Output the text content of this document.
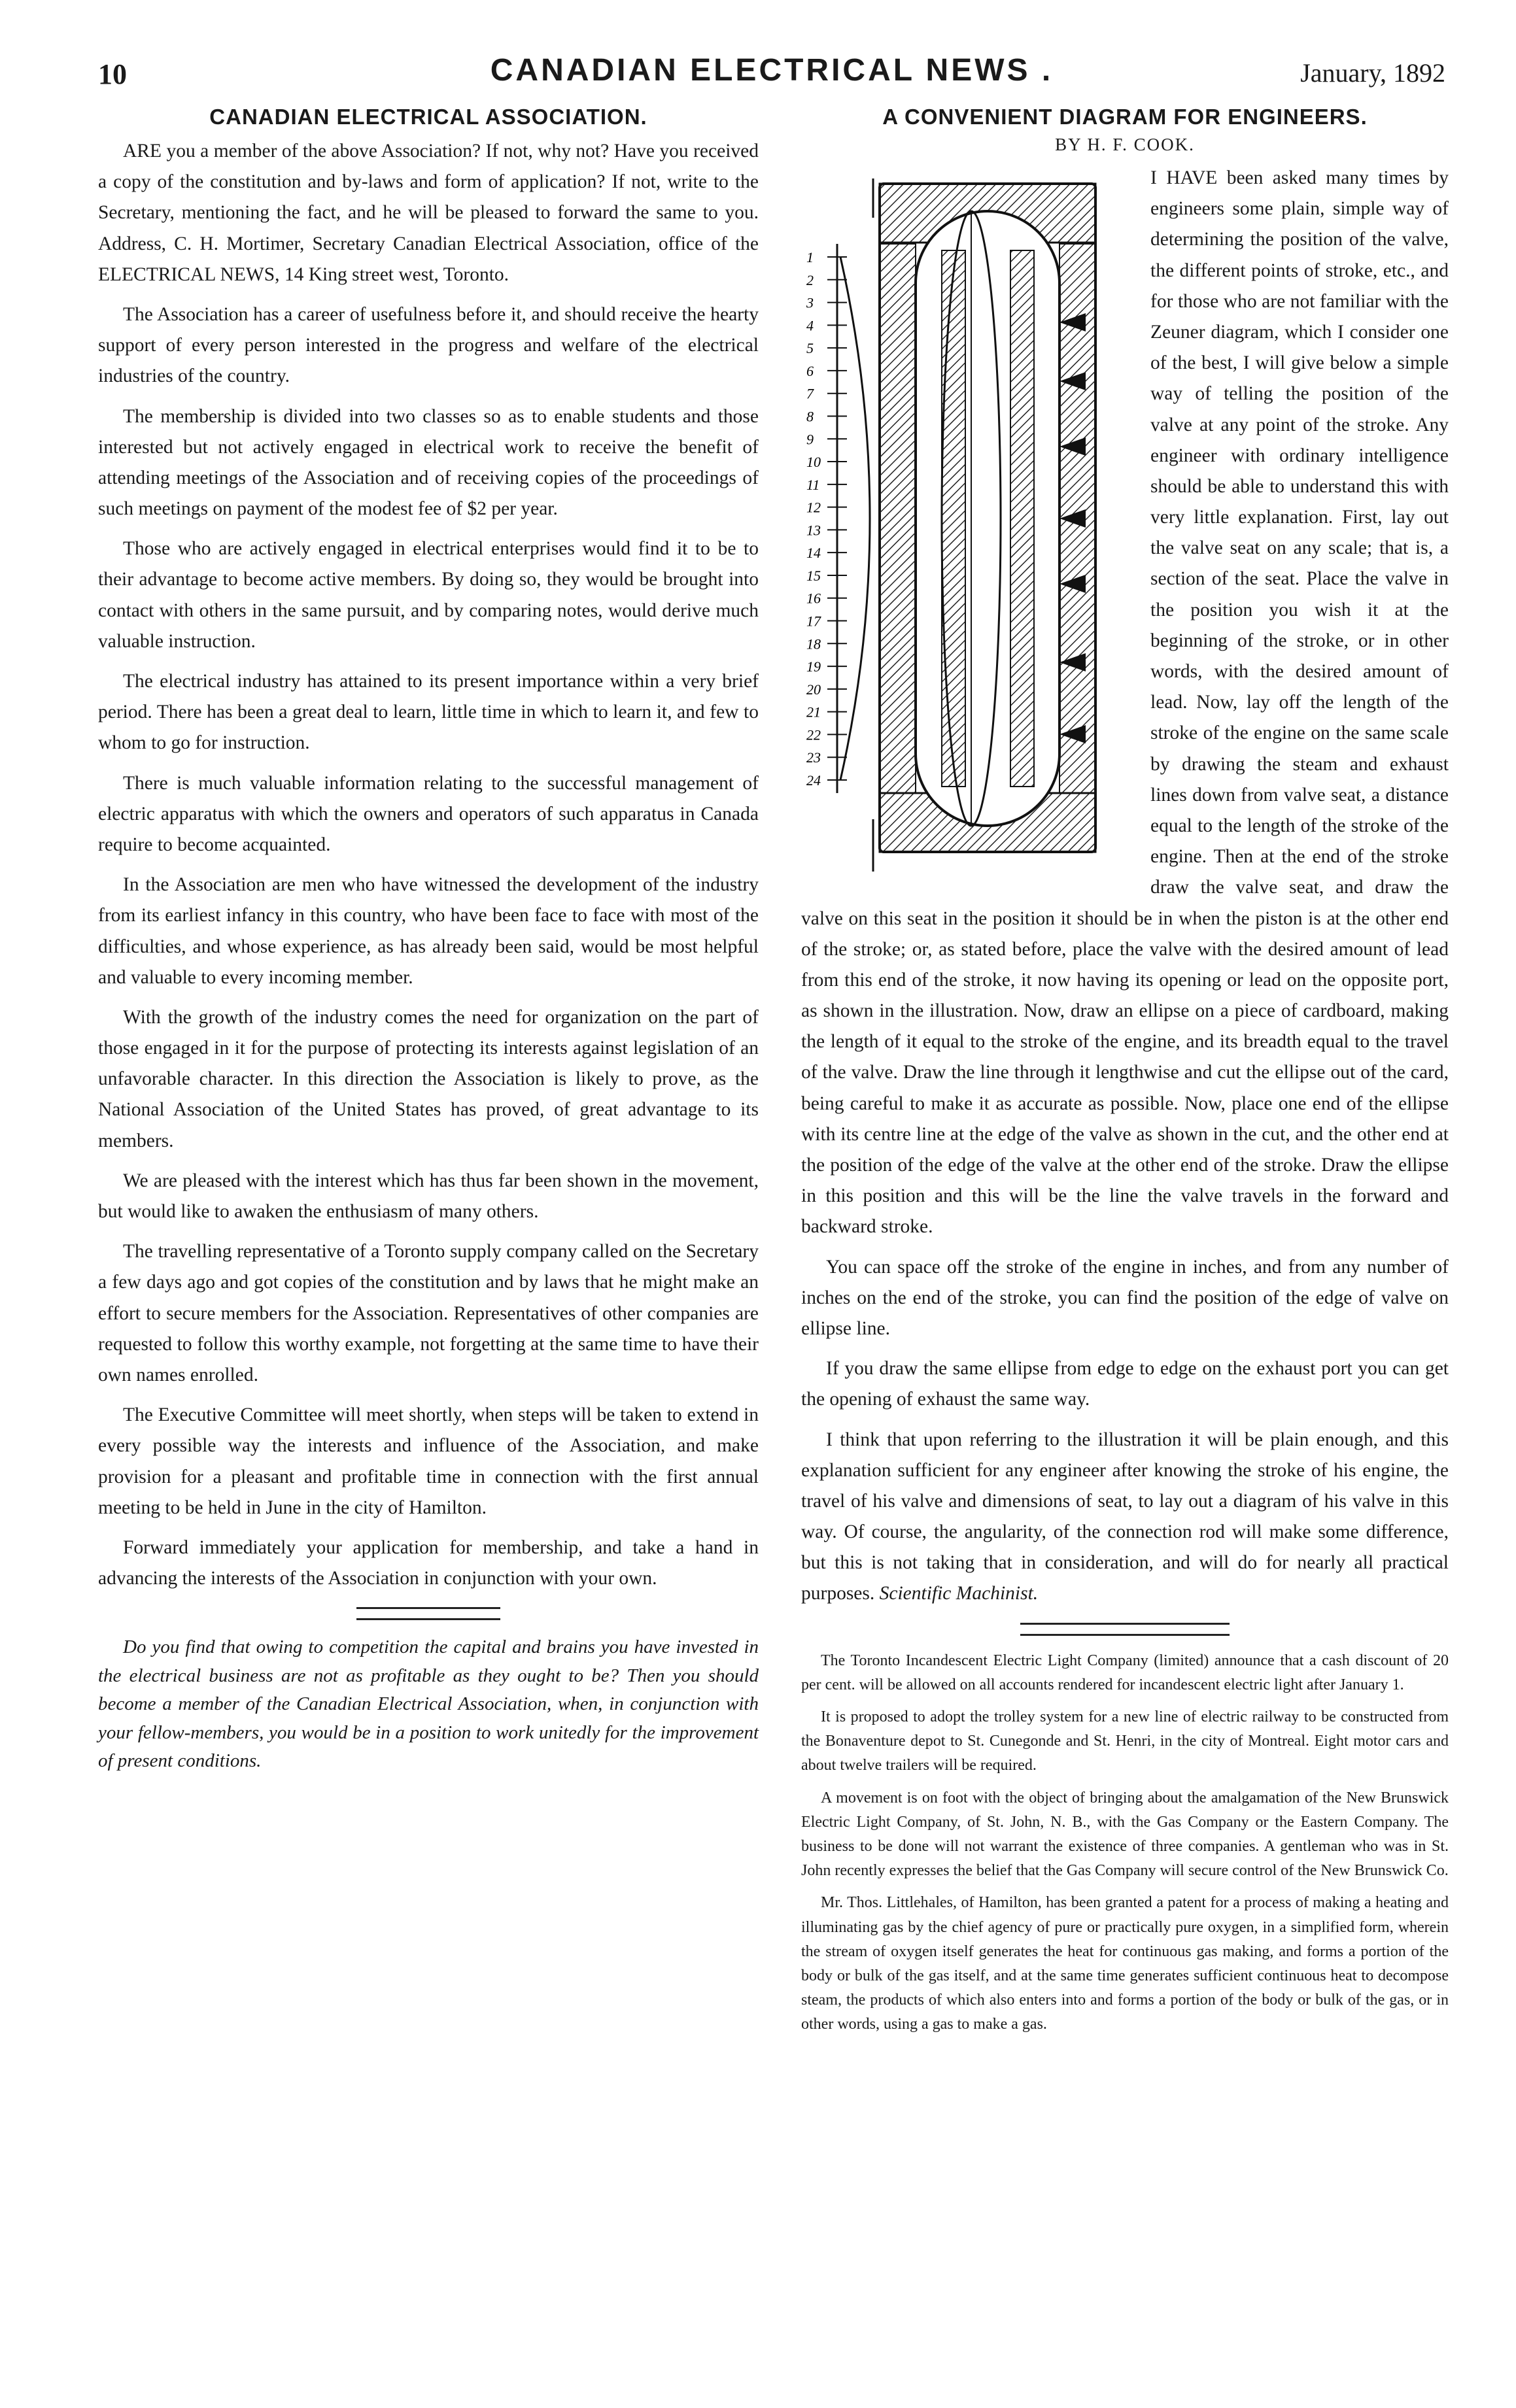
10	CANADIAN ELECTRICAL NEWS .	January, 1892
CANADIAN ELECTRICAL ASSOCIATION.

ARE you a member of the above Association? If not, why not? Have you received a copy of the constitution and by-laws and form of application? If not, write to the Secretary, mentioning the fact, and he will be pleased to forward the same to you. Address, C. H. Mortimer, Secretary Canadian Electrical Association, office of the ELECTRICAL NEWS, 14 King street west, Toronto.

The Association has a career of usefulness before it, and should receive the hearty support of every person interested in the progress and welfare of the electrical industries of the country.

The membership is divided into two classes so as to enable students and those interested but not actively engaged in electrical work to receive the benefit of attending meetings of the Association and of receiving copies of the proceedings of such meetings on payment of the modest fee of $2 per year.

Those who are actively engaged in electrical enterprises would find it to be to their advantage to become active members. By doing so, they would be brought into contact with others in the same pursuit, and by comparing notes, would derive much valuable instruction.

The electrical industry has attained to its present importance within a very brief period. There has been a great deal to learn, little time in which to learn it, and few to whom to go for instruction.

There is much valuable information relating to the successful management of electric apparatus with which the owners and operators of such apparatus in Canada require to become acquainted.

In the Association are men who have witnessed the development of the industry from its earliest infancy in this country, who have been face to face with most of the difficulties, and whose experience, as has already been said, would be most helpful and valuable to every incoming member.

With the growth of the industry comes the need for organization on the part of those engaged in it for the purpose of protecting its interests against legislation of an unfavorable character. In this direction the Association is likely to prove, as the National Association of the United States has proved, of great advantage to its members.

We are pleased with the interest which has thus far been shown in the movement, but would like to awaken the enthusiasm of many others.

The travelling representative of a Toronto supply company called on the Secretary a few days ago and got copies of the constitution and by laws that he might make an effort to secure members for the Association. Representatives of other companies are requested to follow this worthy example, not forgetting at the same time to have their own names enrolled.

The Executive Committee will meet shortly, when steps will be taken to extend in every possible way the interests and influence of the Association, and make provision for a pleasant and profitable time in connection with the first annual meeting to be held in June in the city of Hamilton.

Forward immediately your application for membership, and take a hand in advancing the interests of the Association in conjunction with your own.

Do you find that owing to competition the capital and brains you have invested in the electrical business are not as profitable as they ought to be? Then you should become a member of the Canadian Electrical Association, when, in conjunction with your fellow-members, you would be in a position to work unitedly for the improvement of present conditions.

A CONVENIENT DIAGRAM FOR ENGINEERS.
BY H. F. COOK.

1
2
3
4
5
6
7
8
9
10
11
12
13
14
15
16
17
18
19
20
21
22
23
24
I HAVE been asked many times by engineers some plain, simple way of determining the position of the valve, the different points of stroke, etc., and for those who are not familiar with the Zeuner diagram, which I consider one of the best, I will give below a simple way of telling the position of the valve at any point of the stroke. Any engineer with ordinary intelligence should be able to understand this with very little explanation. First, lay out the valve seat on any scale; that is, a section of the seat. Place the valve in the position you wish it at the beginning of the stroke, or in other words, with the desired amount of lead. Now, lay off the length of the stroke of the engine on the same scale by drawing the steam and exhaust lines down from valve seat, a distance equal to the length of the stroke of the engine. Then at the end of the stroke draw the valve seat, and draw the valve on this seat in the position it should be in when the piston is at the other end of the stroke; or, as stated before, place the valve with the desired amount of lead from this end of the stroke, it now having its opening or lead on the opposite port, as shown in the illustration. Now, draw an ellipse on a piece of cardboard, making the length of it equal to the stroke of the engine, and its breadth equal to the travel of the valve. Draw the line through it lengthwise and cut the ellipse out of the card, being careful to make it as accurate as possible. Now, place one end of the ellipse with its centre line at the edge of the valve as shown in the cut, and the other end at the position of the edge of the valve at the other end of the stroke. Draw the ellipse in this position and this will be the line the valve travels in the forward and backward stroke.

You can space off the stroke of the engine in inches, and from any number of inches on the end of the stroke, you can find the position of the edge of valve on ellipse line.

If you draw the same ellipse from edge to edge on the exhaust port you can get the opening of exhaust the same way.

I think that upon referring to the illustration it will be plain enough, and this explanation sufficient for any engineer after knowing the stroke of his engine, the travel of his valve and dimensions of seat, to lay out a diagram of his valve in this way. Of course, the angularity, of the connection rod will make some difference, but this is not taking that in consideration, and will do for nearly all practical purposes. Scientific Machinist.

The Toronto Incandescent Electric Light Company (limited) announce that a cash discount of 20 per cent. will be allowed on all accounts rendered for incandescent electric light after January 1.

It is proposed to adopt the trolley system for a new line of electric railway to be constructed from the Bonaventure depot to St. Cunegonde and St. Henri, in the city of Montreal. Eight motor cars and about twelve trailers will be required.

A movement is on foot with the object of bringing about the amalgamation of the New Brunswick Electric Light Company, of St. John, N. B., with the Gas Company or the Eastern Company. The business to be done will not warrant the existence of three companies. A gentleman who was in St. John recently expresses the belief that the Gas Company will secure control of the New Brunswick Co.

Mr. Thos. Littlehales, of Hamilton, has been granted a patent for a process of making a heating and illuminating gas by the chief agency of pure or practically pure oxygen, in a simplified form, wherein the stream of oxygen itself generates the heat for continuous gas making, and forms a portion of the body or bulk of the gas itself, and at the same time generates sufficient continuous heat to decompose steam, the products of which also enters into and forms a portion of the body or bulk of the gas, or in other words, using a gas to make a gas.
